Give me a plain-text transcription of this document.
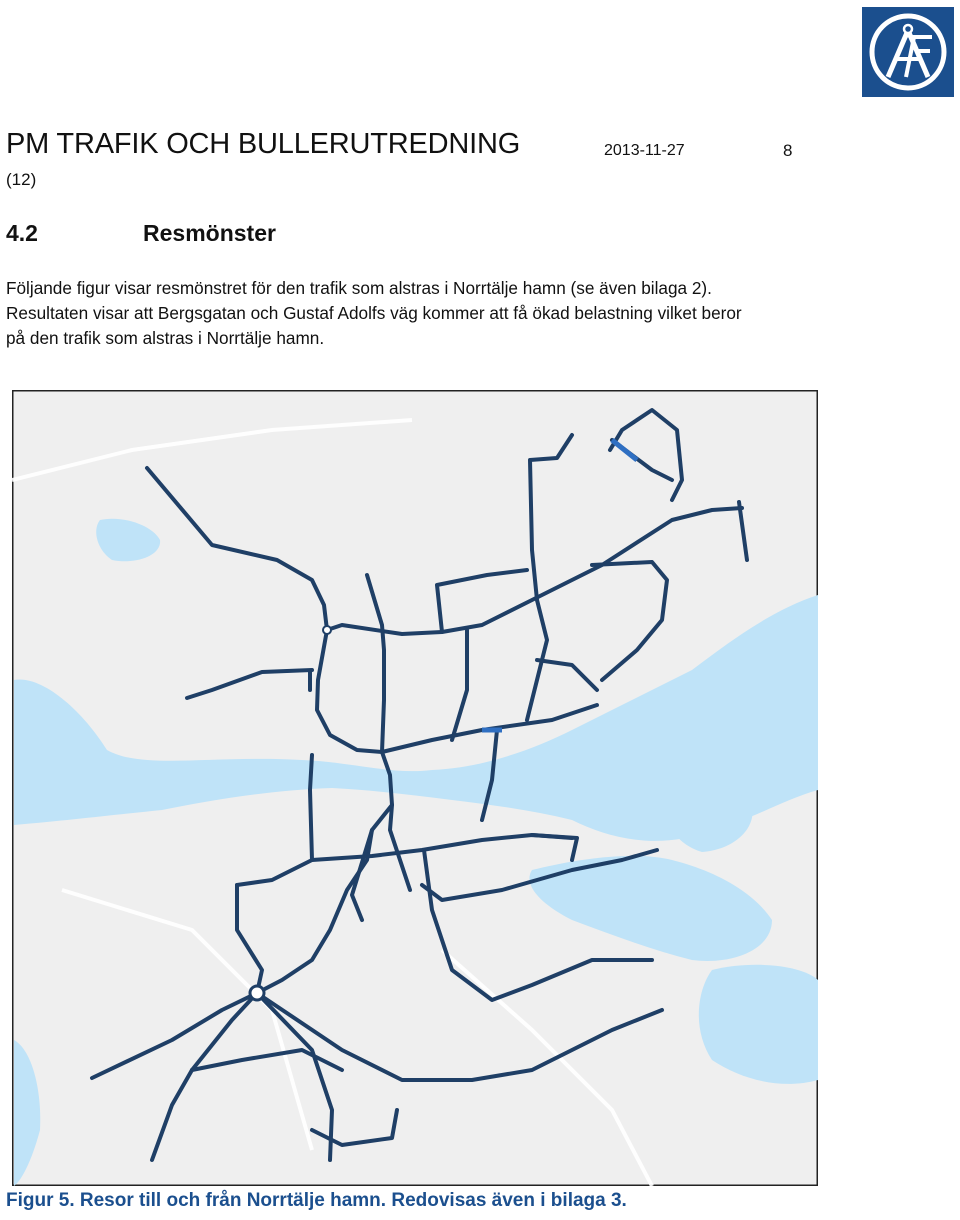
PM TRAFIK OCH BULLERUTREDNING	2013-11-27	8
(12)
4.2	Resmönster

Följande figur visar resmönstret för den trafik som alstras i Norrtälje hamn (se även bilaga 2).
Resultaten visar att Bergsgatan och Gustaf Adolfs väg kommer att få ökad belastning vilket beror
på den trafik som alstras i Norrtälje hamn.

Figur 5. Resor till och från Norrtälje hamn. Redovisas även i bilaga 3.
